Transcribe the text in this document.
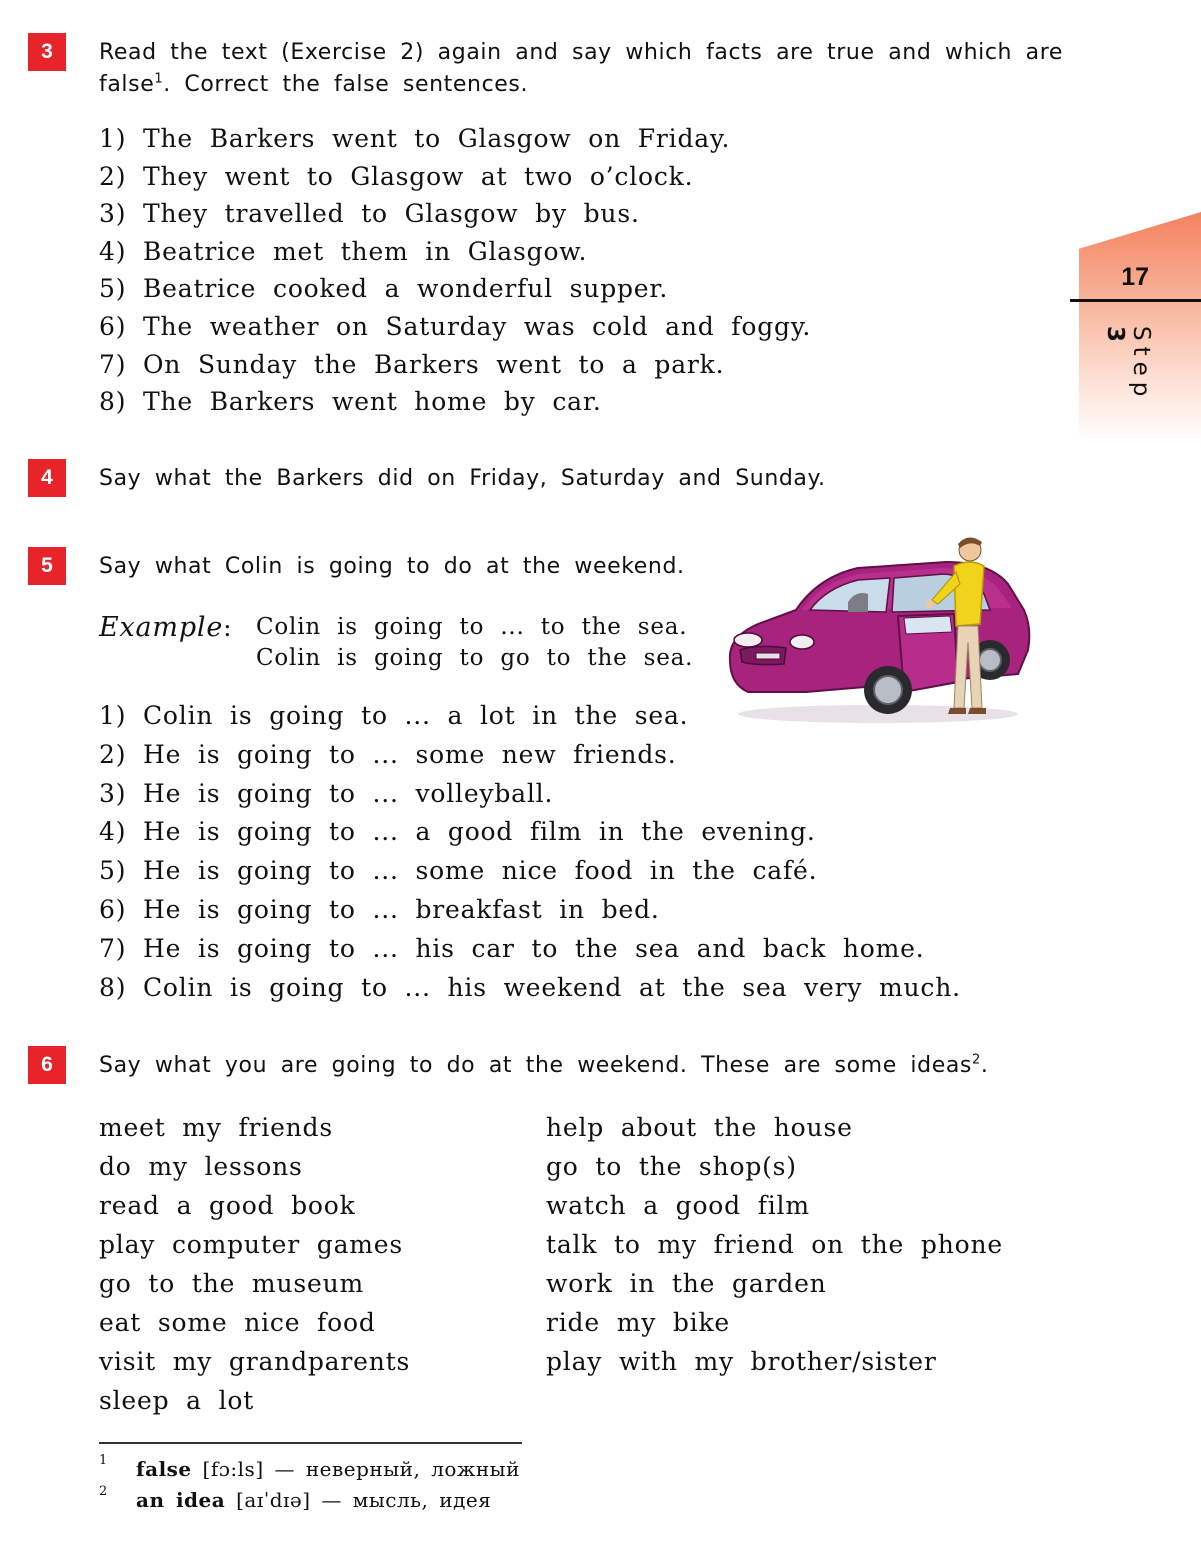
17
Step 3
3	Read the text (Exercise 2) again and say which facts are true and which are
false$^1$. Correct the false sentences.
1) The Barkers went to Glasgow on Friday.
2) They went to Glasgow at two o’clock.
3) They travelled to Glasgow by bus.
4) Beatrice met them in Glasgow.
5) Beatrice cooked a wonderful supper.
6) The weather on Saturday was cold and foggy.
7) On Sunday the Barkers went to a park.
8) The Barkers went home by car.
4	Say what the Barkers did on Friday, Saturday and Sunday.
5	Say what Colin is going to do at the weekend.
Example: Colin is going to ... to the sea.
Colin is going to go to the sea.
1) Colin is going to ... a lot in the sea.
2) He is going to ... some new friends.
3) He is going to ... volleyball.
4) He is going to ... a good film in the evening.
5) He is going to ... some nice food in the café.
6) He is going to ... breakfast in bed.
7) He is going to ... his car to the sea and back home.
8) Colin is going to ... his weekend at the sea very much.
6	Say what you are going to do at the weekend. These are some ideas$^2$.
meet my friends
do my lessons
read a good book
play computer games
go to the museum
eat some nice food
visit my grandparents
sleep a lot
help about the house
go to the shop(s)
watch a good film
talk to my friend on the phone
work in the garden
ride my bike
play with my brother/sister
1 false [fɔ:ls] — неверный, ложный
2 an idea [aɪˈdɪə] — мысль, идея
